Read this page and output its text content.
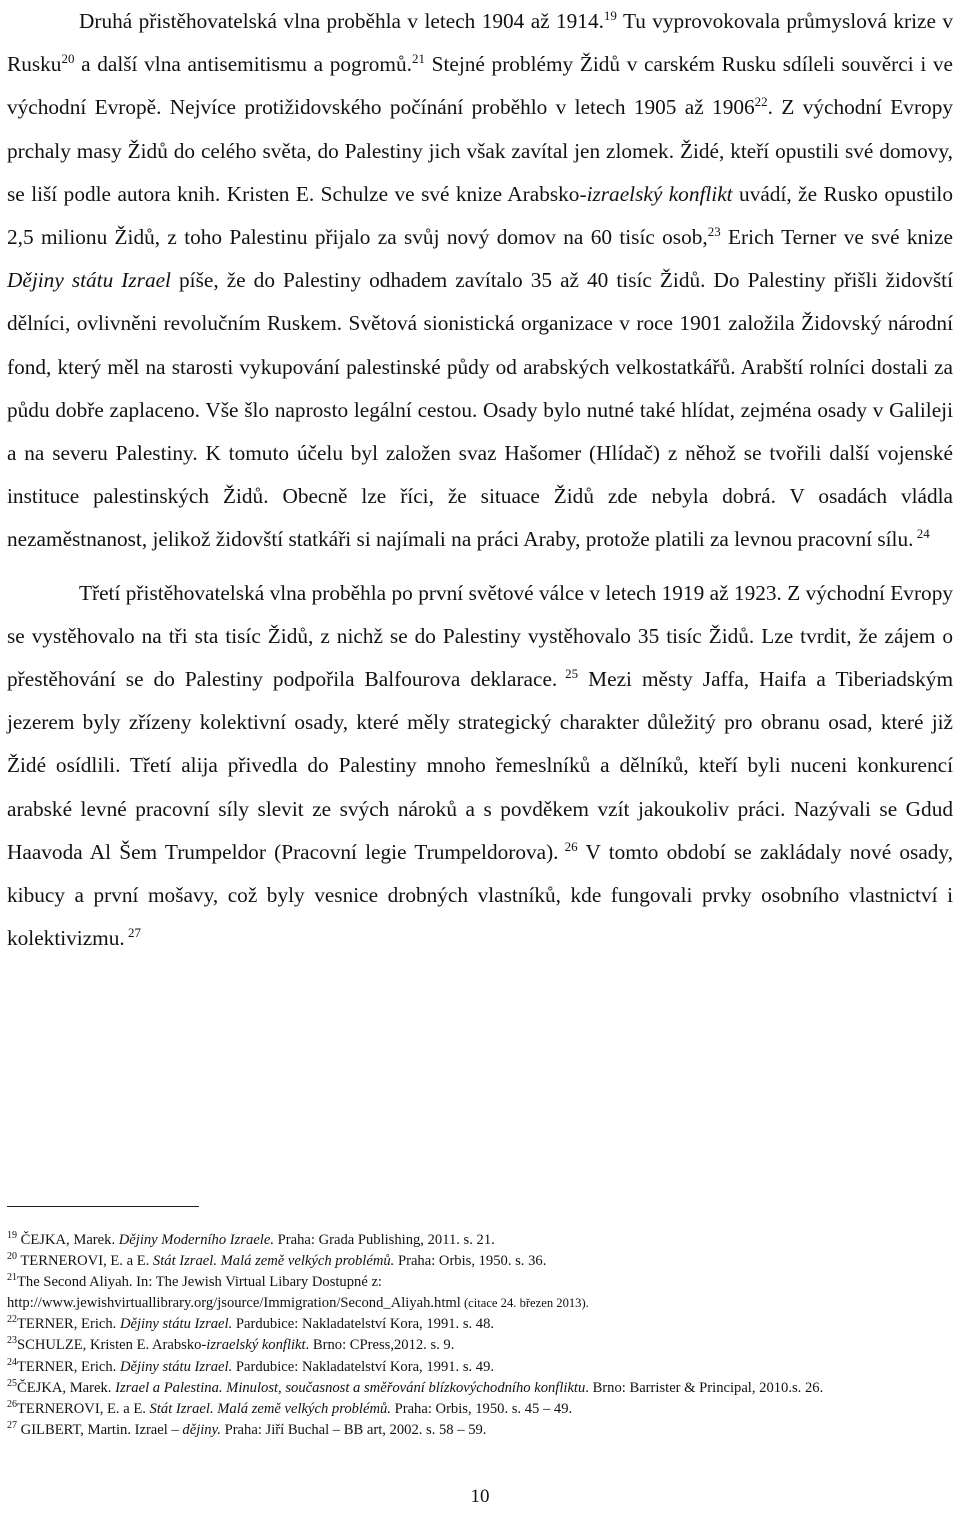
Druhá přistěhovatelská vlna proběhla v letech 1904 až 1914.19 Tu vyprovokovala průmyslová krize v Rusku$^{20}$ a další vlna antisemitismu a pogromů.$^{21}$ Stejné problémy Židů v carském Rusku sdíleli souvěrci i ve východní Evropě. Nejvíce protižidovského počínání proběhlo v letech 1905 až 1906$^{22}$. Z východní Evropy prchaly masy Židů do celého světa, do Palestiny jich však zavítal jen zlomek. Židé, kteří opustili své domovy, se liší podle autora knih. Kristen E. Schulze ve své knize Arabsko-izraelský konflikt uvádí, že Rusko opustilo 2,5 milionu Židů, z toho Palestinu přijalo za svůj nový domov na 60 tisíc osob,$^{23}$ Erich Terner ve své knize Dějiny státu Izrael píše, že do Palestiny odhadem zavítalo 35 až 40 tisíc Židů. Do Palestiny přišli židovští dělníci, ovlivněni revolučním Ruskem. Světová sionistická organizace v roce 1901 založila Židovský národní fond, který měl na starosti vykupování palestinské půdy od arabských velkostatkářů. Arabští rolníci dostali za půdu dobře zaplaceno. Vše šlo naprosto legální cestou. Osady bylo nutné také hlídat, zejména osady v Galileji a na severu Palestiny. K tomuto účelu byl založen svaz Hašomer (Hlídač) z něhož se tvořili další vojenské instituce palestinských Židů. Obecně lze říci, že situace Židů zde nebyla dobrá. V osadách vládla nezaměstnanost, jelikož židovští statkáři si najímali na práci Araby, protože platili za levnou pracovní sílu. $^{24}$

Třetí přistěhovatelská vlna proběhla po první světové válce v letech 1919 až 1923. Z východní Evropy se vystěhovalo na tři sta tisíc Židů, z nichž se do Palestiny vystěhovalo 35 tisíc Židů. Lze tvrdit, že zájem o přestěhování se do Palestiny podpořila Balfourova deklarace. $^{25}$ Mezi městy Jaffa, Haifa a Tiberiadským jezerem byly zřízeny kolektivní osady, které měly strategický charakter důležitý pro obranu osad, které již Židé osídlili. Třetí alija přivedla do Palestiny mnoho řemeslníků a dělníků, kteří byli nuceni konkurencí arabské levné pracovní síly slevit ze svých nároků a s povděkem vzít jakoukoliv práci. Nazývali se Gdud Haavoda Al Šem Trumpeldor (Pracovní legie Trumpeldorova). $^{26}$ V tomto období se zakládaly nové osady, kibucy a první mošavy, což byly vesnice drobných vlastníků, kde fungovali prvky osobního vlastnictví i kolektivizmu. $^{27}$

$^{19}$ ČEJKA, Marek. Dějiny Moderního Izraele. Praha: Grada Publishing, 2011. s. 21.

$^{20}$ TERNEROVI, E. a E. Stát Izrael. Malá země velkých problémů. Praha: Orbis, 1950. s. 36.

$^{21}$The Second Aliyah. In: The Jewish Virtual Libary Dostupné z:

http://www.jewishvirtuallibrary.org/jsource/Immigration/Second_Aliyah.html (citace 24. březen 2013).

$^{22}$TERNER, Erich. Dějiny státu Izrael. Pardubice: Nakladatelství Kora, 1991. s. 48.

$^{23}$SCHULZE, Kristen E. Arabsko-izraelský konflikt. Brno: CPress,2012. s. 9.

$^{24}$TERNER, Erich. Dějiny státu Izrael. Pardubice: Nakladatelství Kora, 1991. s. 49.

$^{25}$ČEJKA, Marek. Izrael a Palestina. Minulost, současnost a směřování blízkovýchodního konfliktu. Brno: Barrister & Principal, 2010.s. 26.

$^{26}$TERNEROVI, E. a E. Stát Izrael. Malá země velkých problémů. Praha: Orbis, 1950. s. 45 – 49.

$^{27}$ GILBERT, Martin. Izrael – dějiny. Praha: Jiří Buchal – BB art, 2002. s. 58 – 59.

10
